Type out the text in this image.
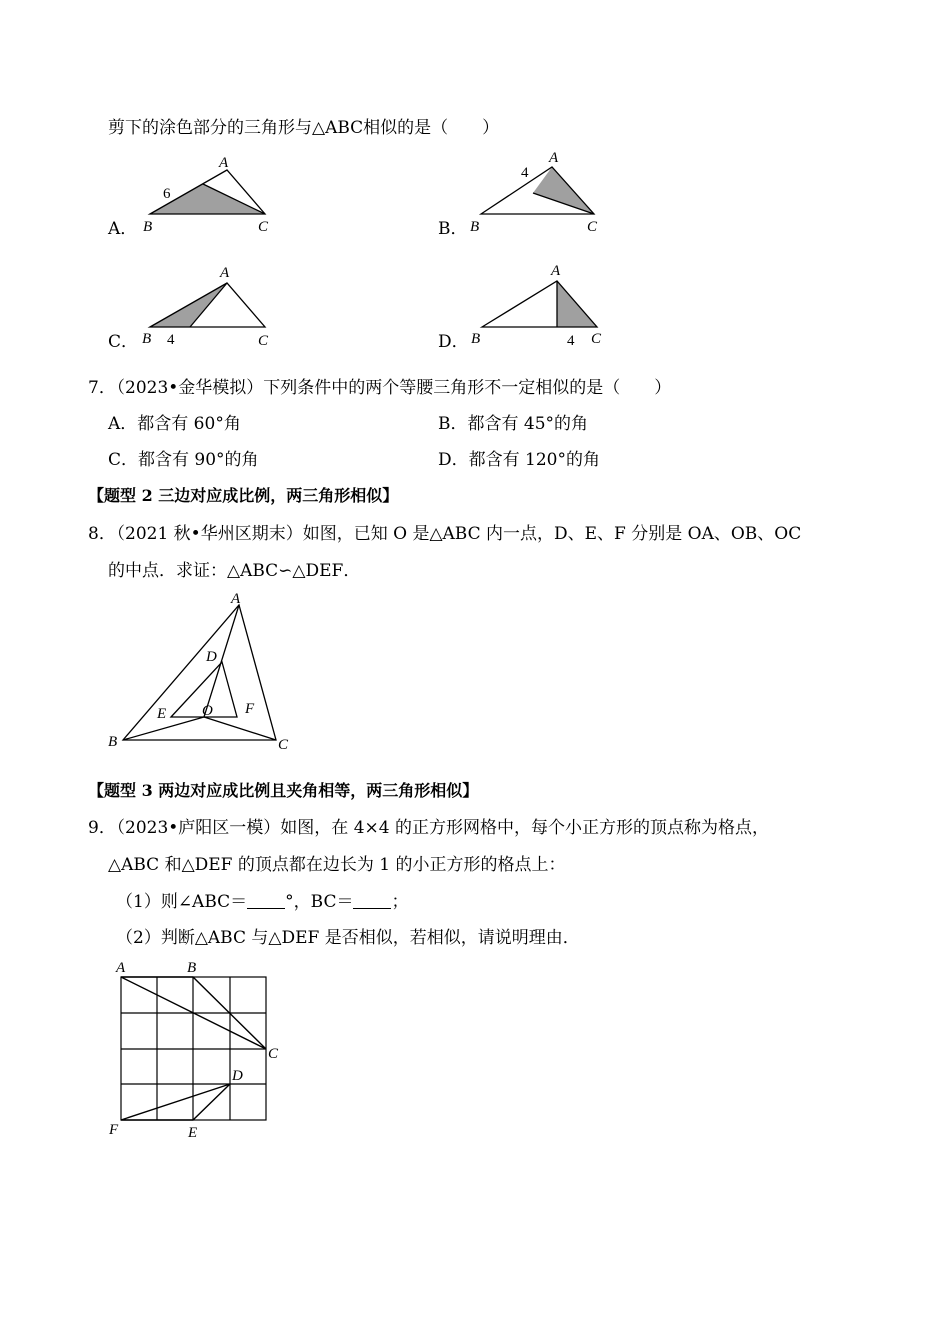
剪下的涂色部分的三角形与△ABC相似的是（　　）
A．
A
B	C
6
B．
A
B	C
4
C．
A
B	C
4	D．
A
B	C
4
7．
（2023•金华模拟）下列条件中的两个等腰三角形不一定相似的是（　　）
A．都含有 60°角	B．都含有 45°的角
C．都含有 90°的角	D．都含有 120°的角
【题型 2 三边对应成比例，两三角形相似】
8．
（2021 秋•华州区期末）如图，已知 O 是△ABC 内一点，D、E、F 分别是 OA、OB、OC
的中点．求证：△ABC∽△DEF．
A
B	C
D
E	F
O
【题型 3 两边对应成比例且夹角相等，两三角形相似】
9．
（2023•庐阳区一模）如图，在 4×4 的正方形网格中，每个小正方形的顶点称为格点，
△ABC 和△DEF 的顶点都在边长为 1 的小正方形的格点上：
（1）则∠ABC＝ °，BC＝ ；
（2）判断△ABC 与△DEF 是否相似，若相似，请说明理由．
A	B
C
D
E
F
